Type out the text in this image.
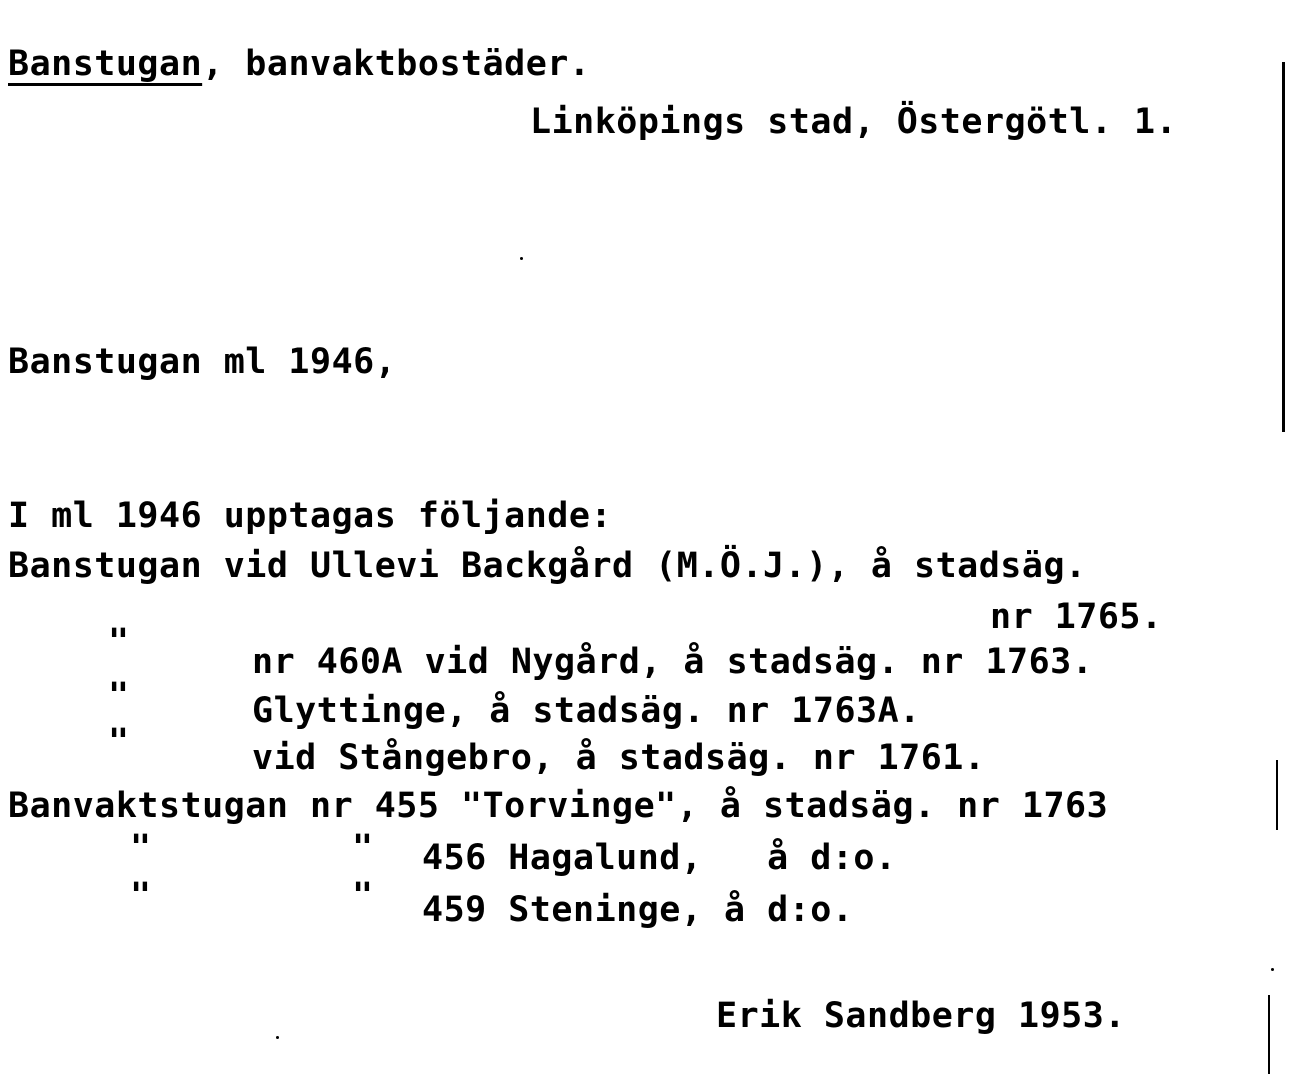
Banstugan, banvaktbostäder.
Linköpings stad, Östergötl. 1.
Banstugan ml 1946,
I ml 1946 upptagas följande:
Banstugan vid Ullevi Backgård (M.Ö.J.), å stadsäg.
nr 1765.
"	nr 460A vid Nygård, å stadsäg. nr 1763.
"	Glyttinge, å stadsäg. nr 1763A.
"	vid Stångebro, å stadsäg. nr 1761.
Banvaktstugan nr 455 "Torvinge", å stadsäg. nr 1763
"	" 456 Hagalund,   å d:o.
"	" 459 Steninge, å d:o.
Erik Sandberg 1953.
